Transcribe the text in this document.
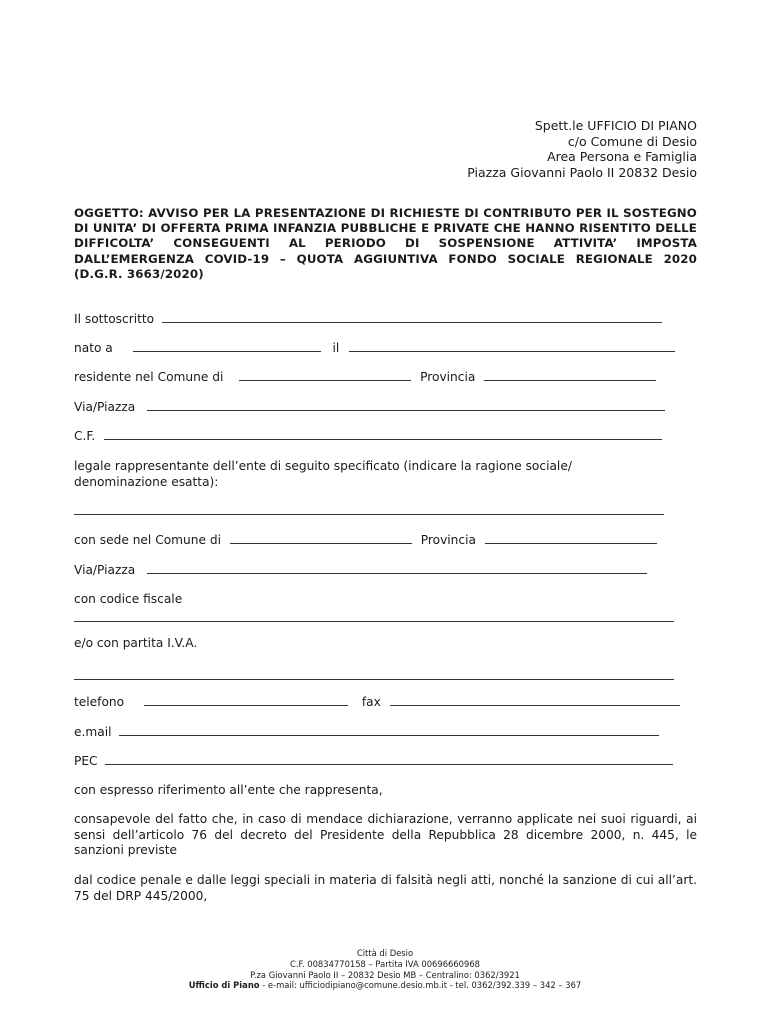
Spett.le UFFICIO DI PIANO
c/o Comune di Desio
Area Persona e Famiglia
Piazza Giovanni Paolo II 20832 Desio
OGGETTO: AVVISO PER LA PRESENTAZIONE DI RICHIESTE DI CONTRIBUTO PER IL SOSTEGNO DI UNITA’ DI OFFERTA PRIMA INFANZIA PUBBLICHE E PRIVATE CHE HANNO RISENTITO DELLE DIFFICOLTA’ CONSEGUENTI AL PERIODO DI SOSPENSIONE ATTIVITA’ IMPOSTA DALL’EMERGENZA COVID-19 – QUOTA AGGIUNTIVA FONDO SOCIALE REGIONALE 2020 (D.G.R. 3663/2020)
Il sottoscritto
nato a	il
residente nel Comune di	Provincia
Via/Piazza
C.F.
legale rappresentante dell’ente di seguito specificato (indicare la ragione sociale/ denominazione esatta):
con sede nel Comune di	Provincia
Via/Piazza
con codice fiscale
e/o con partita I.V.A.
telefono	fax
e.mail
PEC
con espresso riferimento all’ente che rappresenta,
consapevole del fatto che, in caso di mendace dichiarazione, verranno applicate nei suoi riguardi, ai sensi dell’articolo 76 del decreto del Presidente della Repubblica 28 dicembre 2000, n. 445, le sanzioni previste
dal codice penale e dalle leggi speciali in materia di falsità negli atti, nonché la sanzione di cui all’art. 75 del DRP 445/2000,
Città di Desio
C.F. 00834770158 – Partita IVA 00696660968
P.za Giovanni Paolo II – 20832 Desio MB – Centralino: 0362/3921
Ufficio di Piano - e-mail: ufficiodipiano@comune.desio.mb.it - tel. 0362/392.339 – 342 – 367
